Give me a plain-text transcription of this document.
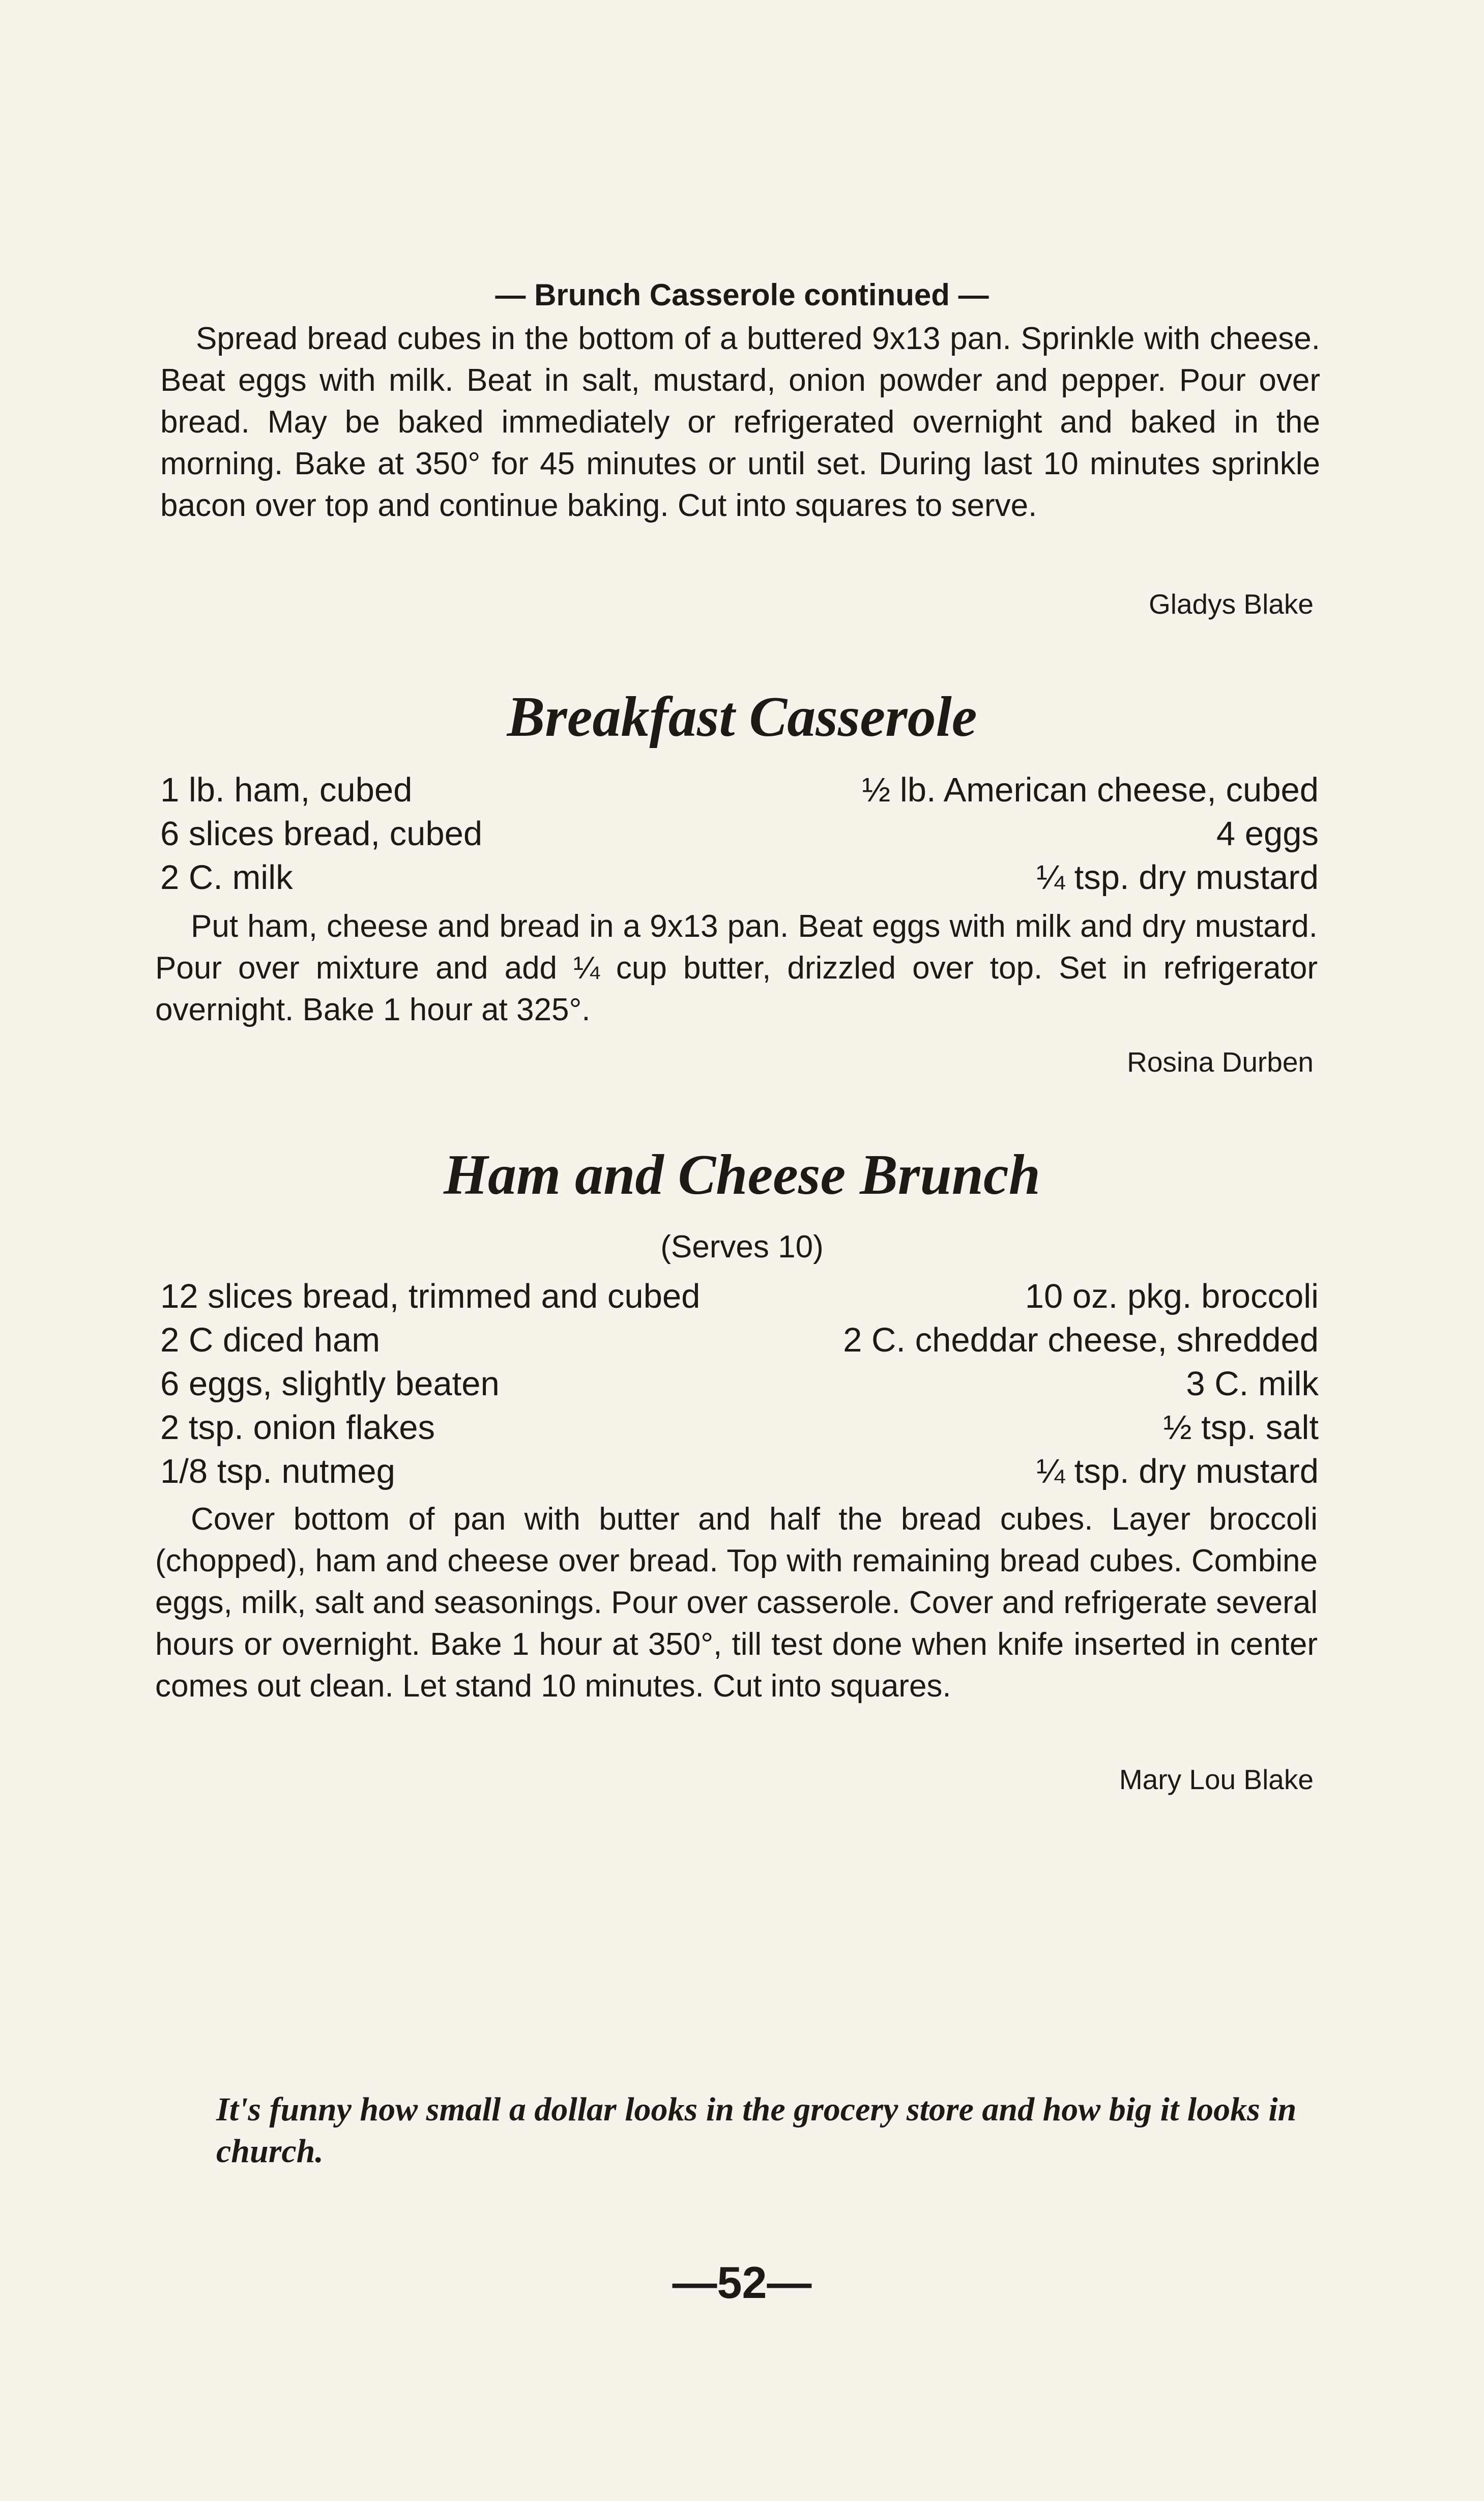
— Brunch Casserole continued —

Spread bread cubes in the bottom of a buttered 9x13 pan. Sprinkle with cheese. Beat eggs with milk. Beat in salt, mustard, onion powder and pepper. Pour over bread. May be baked immediately or refrigerated overnight and baked in the morning. Bake at 350° for 45 minutes or until set. During last 10 minutes sprinkle bacon over top and continue baking. Cut into squares to serve.

Gladys Blake
Breakfast Casserole
1 lb. ham, cubed	½ lb. American cheese, cubed
6 slices bread, cubed	4 eggs
2 C. milk	¼ tsp. dry mustard

Put ham, cheese and bread in a 9x13 pan. Beat eggs with milk and dry mustard. Pour over mixture and add ¼ cup butter, drizzled over top. Set in refrigerator overnight. Bake 1 hour at 325°.

Rosina Durben
Ham and Cheese Brunch
(Serves 10)
12 slices bread, trimmed and cubed	10 oz. pkg. broccoli
2 C diced ham	2 C. cheddar cheese, shredded
6 eggs, slightly beaten	3 C. milk
2 tsp. onion flakes	½ tsp. salt
1/8 tsp. nutmeg	¼ tsp. dry mustard

Cover bottom of pan with butter and half the bread cubes. Layer broccoli (chopped), ham and cheese over bread. Top with remaining bread cubes. Combine eggs, milk, salt and seasonings. Pour over casserole. Cover and refrigerate several hours or overnight. Bake 1 hour at 350°, till test done when knife inserted in center comes out clean. Let stand 10 minutes. Cut into squares.

Mary Lou Blake

It's funny how small a dollar looks in the grocery store and how big it looks in church.

—52—
